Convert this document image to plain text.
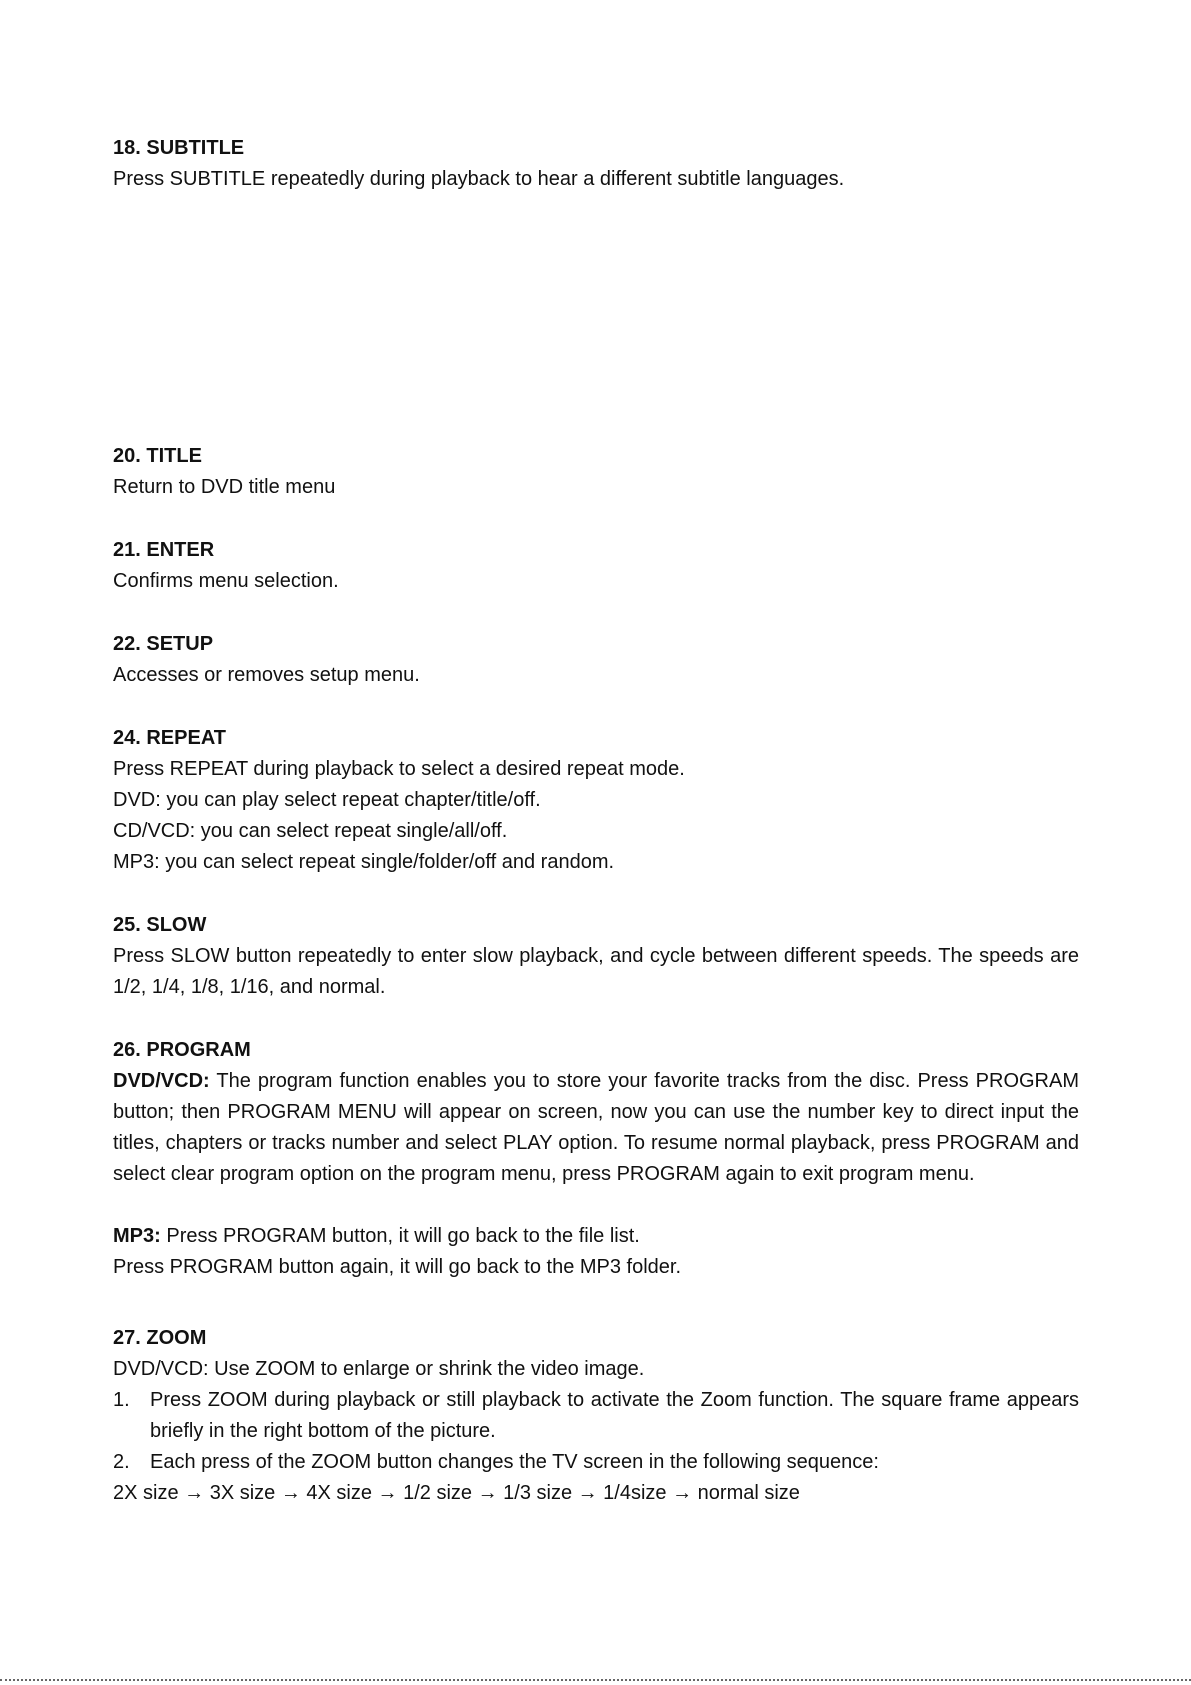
18. SUBTITLE

Press SUBTITLE repeatedly during playback to hear a different subtitle languages.

20. TITLE

Return to DVD title menu

21. ENTER

Confirms menu selection.

22. SETUP

Accesses or removes setup menu.

24. REPEAT

Press REPEAT during playback to select a desired repeat mode.

DVD: you can play select repeat chapter/title/off.

CD/VCD: you can select repeat single/all/off.

MP3: you can select repeat single/folder/off and random.

25. SLOW

Press SLOW button repeatedly to enter slow playback, and cycle between different speeds. The speeds are 1/2, 1/4, 1/8, 1/16, and normal.

26. PROGRAM

DVD/VCD: The program function enables you to store your favorite tracks from the disc. Press PROGRAM button; then PROGRAM MENU will appear on screen, now you can use the number key to direct input the titles, chapters or tracks number and select PLAY option. To resume normal playback, press PROGRAM and select clear program option on the program menu, press PROGRAM again to exit program menu.

MP3: Press PROGRAM button, it will go back to the file list.

Press PROGRAM button again, it will go back to the MP3 folder.

27. ZOOM

DVD/VCD: Use ZOOM to enlarge or shrink the video image.

1.	Press ZOOM during playback or still playback to activate the Zoom function. The square frame appears briefly in the right bottom of the picture.
2.	Each press of the ZOOM button changes the TV screen in the following sequence:

2X size → 3X size → 4X size → 1/2 size → 1/3 size → 1/4size → normal size
